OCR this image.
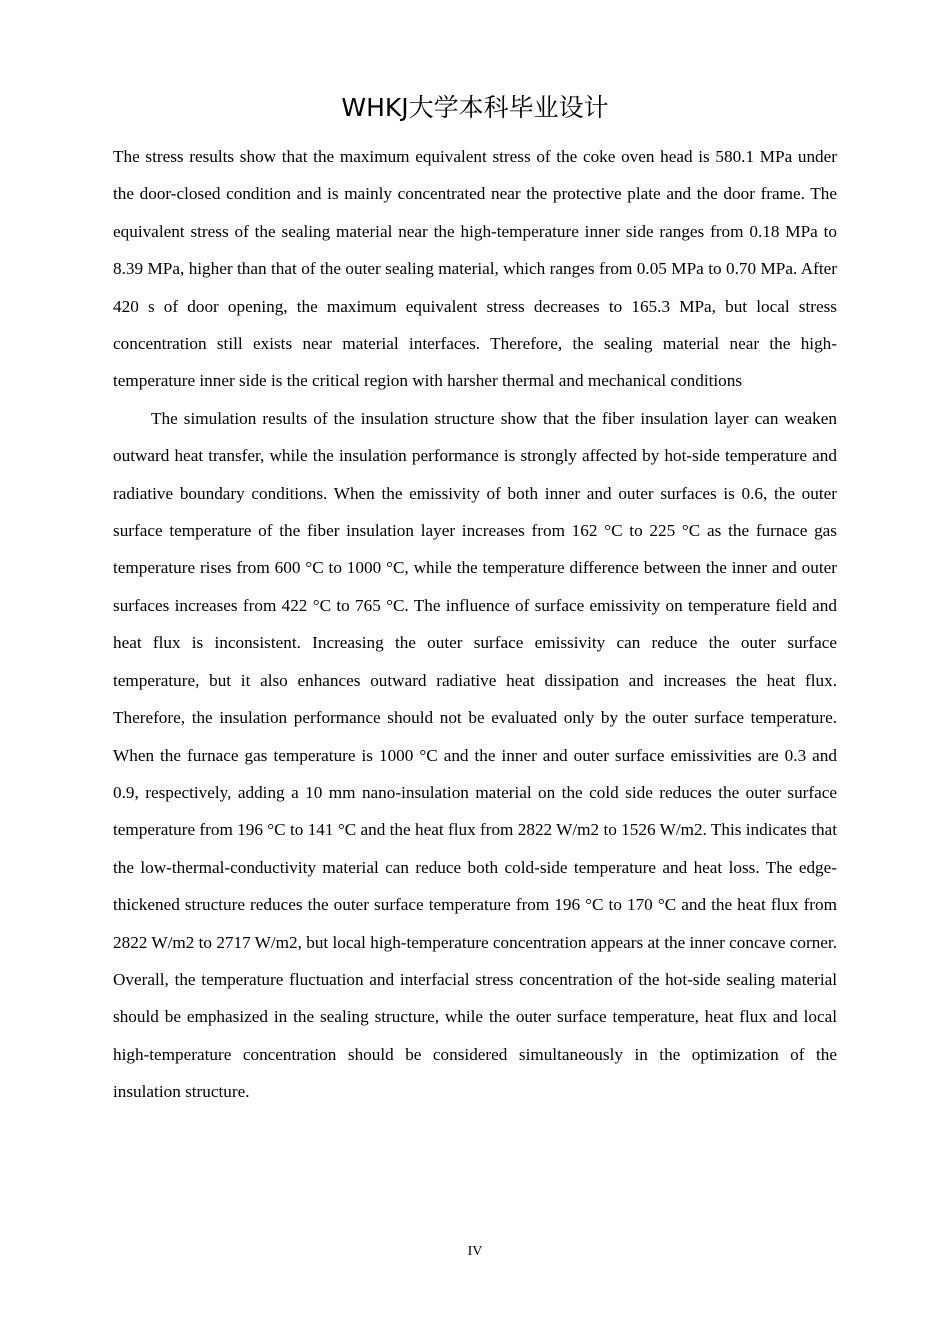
WHKJ大学本科毕业设计

The stress results show that the maximum equivalent stress of the coke oven head is 580.1 MPa under the door-closed condition and is mainly concentrated near the protective plate and the door frame. The equivalent stress of the sealing material near the high-temperature inner side ranges from 0.18 MPa to 8.39 MPa, higher than that of the outer sealing material, which ranges from 0.05 MPa to 0.70 MPa. After 420 s of door opening, the maximum equivalent stress decreases to 165.3 MPa, but local stress concentration still exists near material interfaces. Therefore, the sealing material near the high-temperature inner side is the critical region with harsher thermal and mechanical conditions

The simulation results of the insulation structure show that the fiber insulation layer can weaken outward heat transfer, while the insulation performance is strongly affected by hot-side temperature and radiative boundary conditions. When the emissivity of both inner and outer surfaces is 0.6, the outer surface temperature of the fiber insulation layer increases from 162 °C to 225 °C as the furnace gas temperature rises from 600 °C to 1000 °C, while the temperature difference between the inner and outer surfaces increases from 422 °C to 765 °C. The influence of surface emissivity on temperature field and heat flux is inconsistent. Increasing the outer surface emissivity can reduce the outer surface temperature, but it also enhances outward radiative heat dissipation and increases the heat flux. Therefore, the insulation performance should not be evaluated only by the outer surface temperature. When the furnace gas temperature is 1000 °C and the inner and outer surface emissivities are 0.3 and 0.9, respectively, adding a 10 mm nano-insulation material on the cold side reduces the outer surface temperature from 196 °C to 141 °C and the heat flux from 2822 W/m2 to 1526 W/m2. This indicates that the low-thermal-conductivity material can reduce both cold-side temperature and heat loss. The edge-thickened structure reduces the outer surface temperature from 196 °C to 170 °C and the heat flux from 2822 W/m2 to 2717 W/m2, but local high-temperature concentration appears at the inner concave corner. Overall, the temperature fluctuation and interfacial stress concentration of the hot-side sealing material should be emphasized in the sealing structure, while the outer surface temperature, heat flux and local high-temperature concentration should be considered simultaneously in the optimization of the insulation structure.

IV
